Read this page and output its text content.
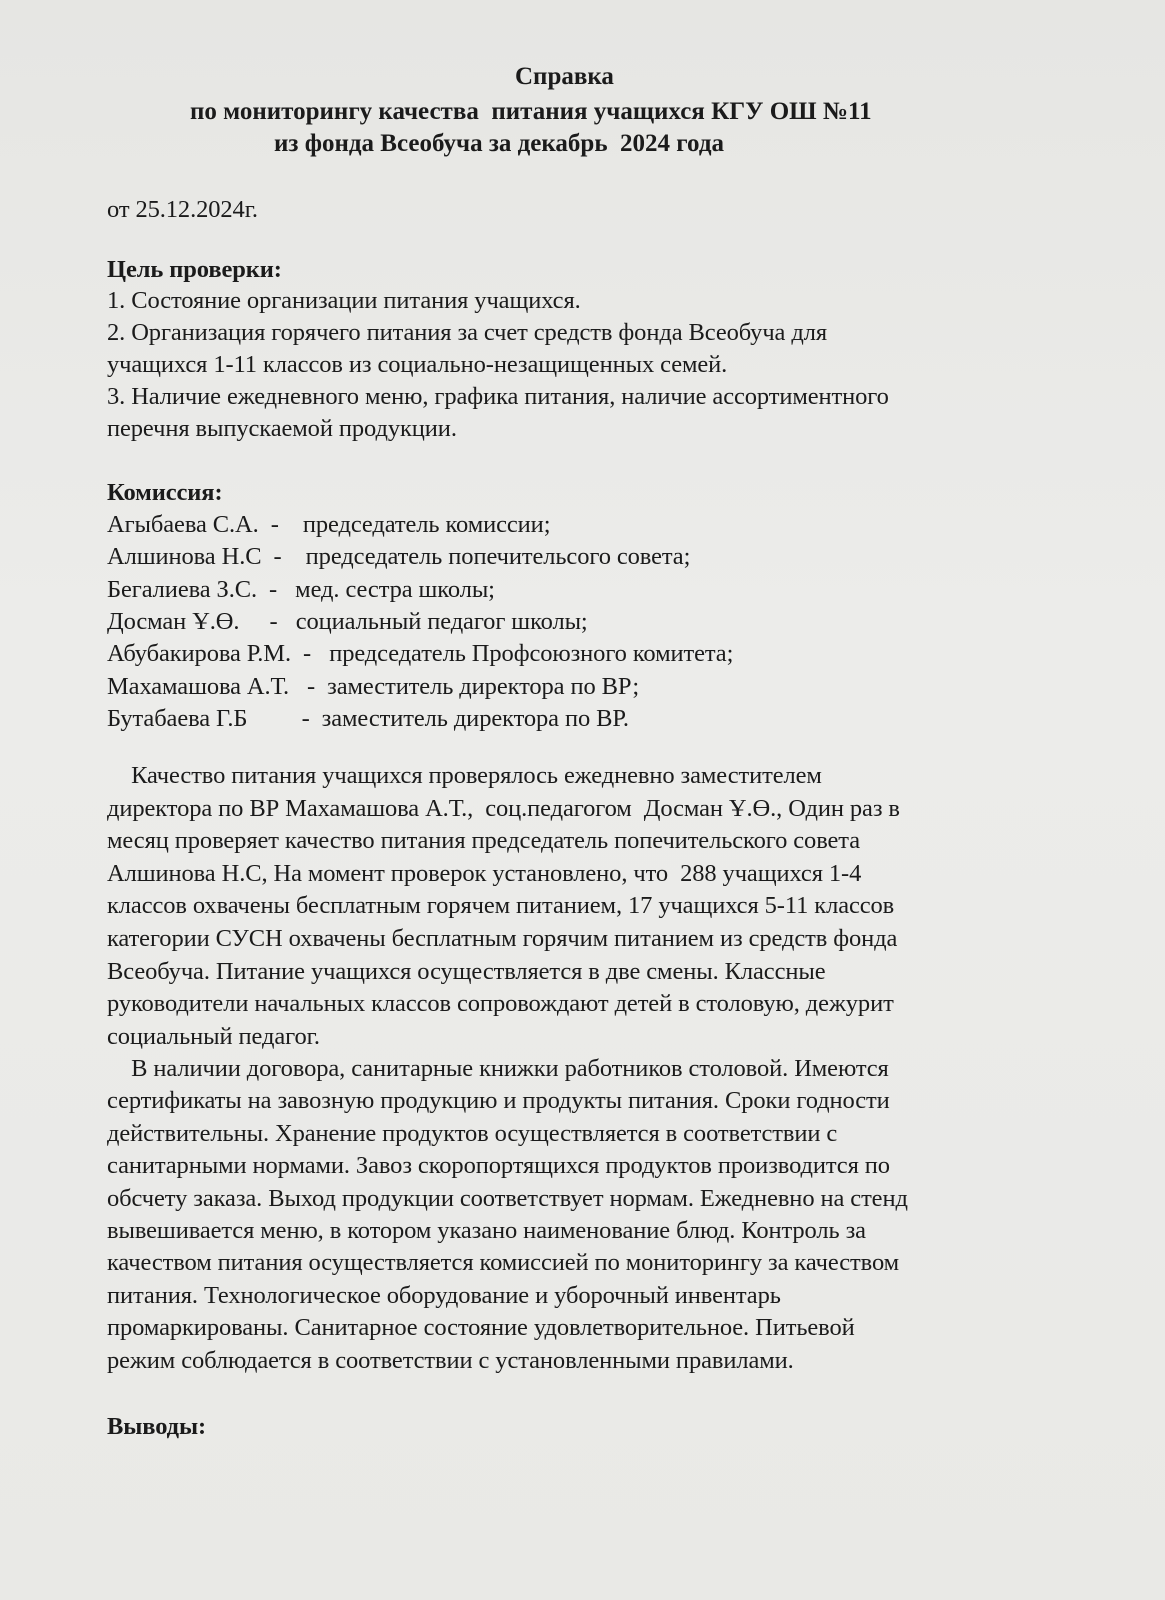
Справка
по мониторингу качества  питания учащихся КГУ ОШ №11
из фонда Всеобуча за декабрь  2024 года
от 25.12.2024г.
Цель проверки:
1. Состояние организации питания учащихся.
2. Организация горячего питания за счет средств фонда Всеобуча для
учащихся 1-11 классов из социально-незащищенных семей.
3. Наличие ежедневного меню, графика питания, наличие ассортиментного
перечня выпускаемой продукции.
Комиссия:
Агыбаева С.А.  -    председатель комиссии;
Алшинова Н.С  -    председатель попечительсого совета;
Бегалиева З.С.  -   мед. сестра школы;
Досман Ұ.Ө.     -   социальный педагог школы;
Абубакирова Р.М.  -   председатель Профсоюзного комитета;
Махамашова А.Т.   -  заместитель директора по ВР;
Бутабаева Г.Б         -  заместитель директора по ВР.
Качество питания учащихся проверялось ежедневно заместителем
директора по ВР Махамашова А.Т.,  соц.педагогом  Досман Ұ.Ө., Один раз в
месяц проверяет качество питания председатель попечительского совета
Алшинова Н.С, На момент проверок установлено, что  288 учащихся 1-4
классов охвачены бесплатным горячем питанием, 17 учащихся 5-11 классов
категории СУСН охвачены бесплатным горячим питанием из средств фонда
Всеобуча. Питание учащихся осуществляется в две смены. Классные
руководители начальных классов сопровождают детей в столовую, дежурит
социальный педагог.
В наличии договора, санитарные книжки работников столовой. Имеются
сертификаты на завозную продукцию и продукты питания. Сроки годности
действительны. Хранение продуктов осуществляется в соответствии с
санитарными нормами. Завоз скоропортящихся продуктов производится по
обсчету заказа. Выход продукции соответствует нормам. Ежедневно на стенд
вывешивается меню, в котором указано наименование блюд. Контроль за
качеством питания осуществляется комиссией по мониторингу за качеством
питания. Технологическое оборудование и уборочный инвентарь
промаркированы. Санитарное состояние удовлетворительное. Питьевой
режим соблюдается в соответствии с установленными правилами.
Выводы:
